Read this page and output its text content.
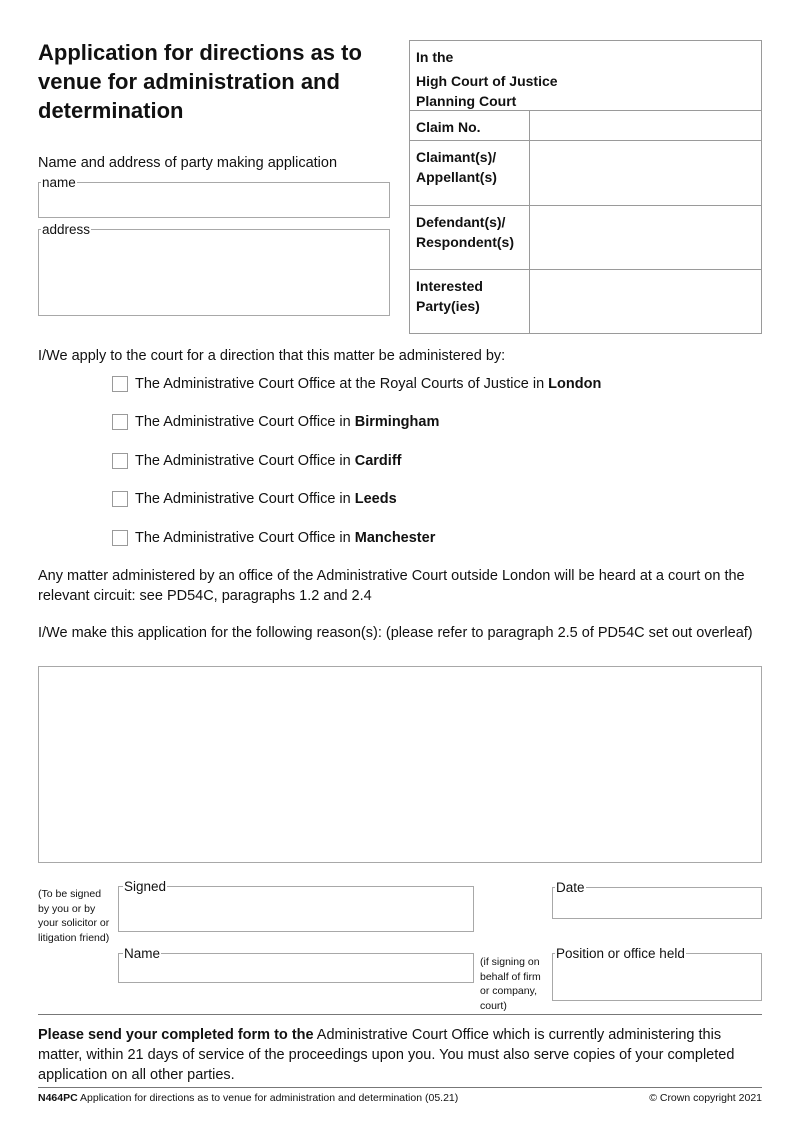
Application for directions as to venue for administration and determination
In the
High Court of Justice
Planning Court
Claim No.
Claimant(s)/ Appellant(s)
Defendant(s)/ Respondent(s)
Interested Party(ies)
Name and address of party making application
name
address
I/We apply to the court for a direction that this matter be administered by:
The Administrative Court Office at the Royal Courts of Justice in London
The Administrative Court Office in Birmingham
The Administrative Court Office in Cardiff
The Administrative Court Office in Leeds
The Administrative Court Office in Manchester
Any matter administered by an office of the Administrative Court outside London will be heard at a court on the relevant circuit: see PD54C, paragraphs 1.2 and 2.4
I/We make this application for the following reason(s): (please refer to paragraph 2.5 of PD54C set out overleaf)
(To be signed by you or by your solicitor or litigation friend)
Signed	Date
Name
(if signing on behalf of firm or company, court)
Position or office held
Please send your completed form to the Administrative Court Office which is currently administering this matter, within 21 days of service of the proceedings upon you. You must also serve copies of your completed application on all other parties.
N464PC Application for directions as to venue for administration and determination (05.21)	© Crown copyright 2021
